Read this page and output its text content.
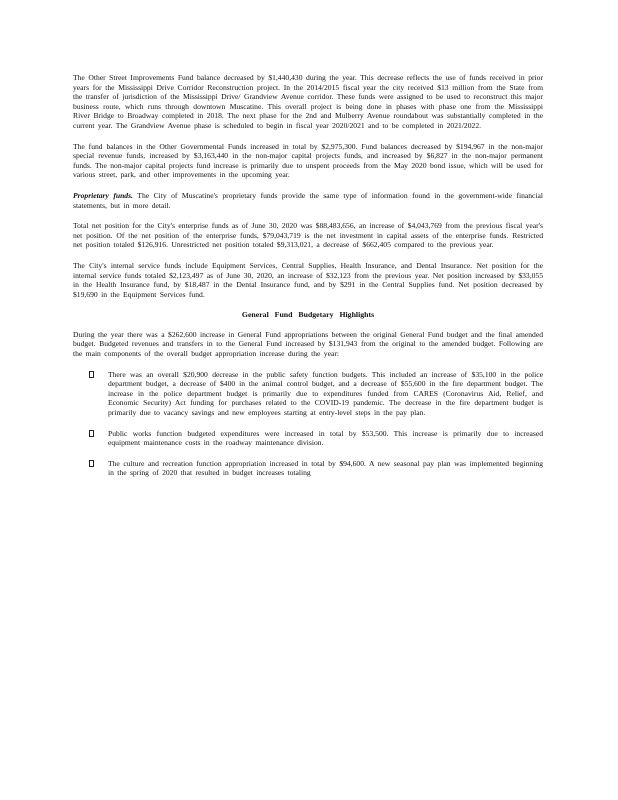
The Other Street Improvements Fund balance decreased by $1,440,430 during the year. This decrease reflects the use of funds received in prior years for the Mississippi Drive Corridor Reconstruction project. In the 2014/2015 fiscal year the city received $13 million from the State from the transfer of jurisdiction of the Mississippi Drive/ Grandview Avenue corridor. These funds were assigned to be used to reconstruct this major business route, which runs through downtown Muscatine. This overall project is being done in phases with phase one from the Mississippi River Bridge to Broadway completed in 2018. The next phase for the 2nd and Mulberry Avenue roundabout was substantially completed in the current year. The Grandview Avenue phase is scheduled to begin in fiscal year 2020/2021 and to be completed in 2021/2022.

The fund balances in the Other Governmental Funds increased in total by $2,975,300. Fund balances decreased by $194,967 in the non-major special revenue funds, increased by $3,163,440 in the non-major capital projects funds, and increased by $6,827 in the non-major permanent funds. The non-major capital projects fund increase is primarily due to unspent proceeds from the May 2020 bond issue, which will be used for various street, park, and other improvements in the upcoming year.

Proprietary funds. The City of Muscatine's proprietary funds provide the same type of information found in the government-wide financial statements, but in more detail.

Total net position for the City's enterprise funds as of June 30, 2020 was $88,483,656, an increase of $4,043,769 from the previous fiscal year's net position. Of the net position of the enterprise funds, $79,043,719 is the net investment in capital assets of the enterprise funds. Restricted net position totaled $126,916. Unrestricted net position totaled $9,313,021, a decrease of $662,405 compared to the previous year.

The City's internal service funds include Equipment Services, Central Supplies, Health Insurance, and Dental Insurance. Net position for the internal service funds totaled $2,123,497 as of June 30, 2020, an increase of $32,123 from the previous year. Net position increased by $33,055 in the Health Insurance fund, by $18,487 in the Dental Insurance fund, and by $291 in the Central Supplies fund. Net position decreased by $19,690 in the Equipment Services fund.

General Fund Budgetary Highlights

During the year there was a $262,600 increase in General Fund appropriations between the original General Fund budget and the final amended budget. Budgeted revenues and transfers in to the General Fund increased by $131,943 from the original to the amended budget. Following are the main components of the overall budget appropriation increase during the year:

There was an overall $20,900 decrease in the public safety function budgets. This included an increase of $35,100 in the police department budget, a decrease of $400 in the animal control budget, and a decrease of $55,600 in the fire department budget. The increase in the police department budget is primarily due to expenditures funded from CARES (Coronavirus Aid, Relief, and Economic Security) Act funding for purchases related to the COVID-19 pandemic. The decrease in the fire department budget is primarily due to vacancy savings and new employees starting at entry-level steps in the pay plan.

Public works function budgeted expenditures were increased in total by $53,500. This increase is primarily due to increased equipment maintenance costs in the roadway maintenance division.

The culture and recreation function appropriation increased in total by $94,600. A new seasonal pay plan was implemented beginning in the spring of 2020 that resulted in budget increases totaling
